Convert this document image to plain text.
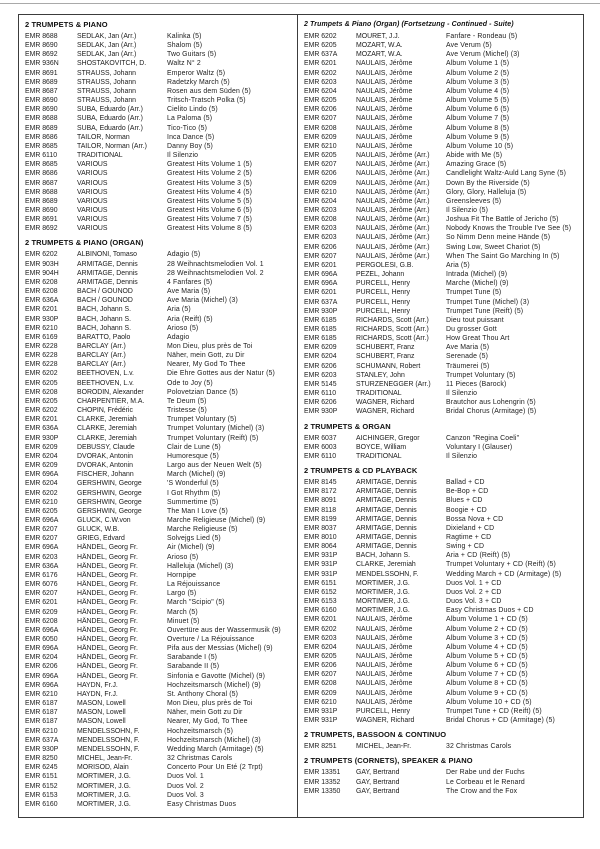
2 TRUMPETS & PIANO
EMR 8688	SEDLAK, Jan (Arr.)	Kalinka (5)
EMR 8690	SEDLAK, Jan (Arr.)	Shalom (5)
EMR 8692	SEDLAK, Jan (Arr.)	Two Guitars (5)
EMR 936N	SHOSTAKOVITCH, D.	Waltz N° 2
EMR 8691	STRAUSS, Johann	Emperor Waltz (5)
EMR 8689	STRAUSS, Johann	Radetzky March (5)
EMR 8687	STRAUSS, Johann	Rosen aus dem Süden (5)
EMR 8690	STRAUSS, Johann	Tritsch-Tratsch Polka (5)
EMR 8690	SUBA, Eduardo (Arr.)	Cielito Lindo (5)
EMR 8688	SUBA, Eduardo (Arr.)	La Paloma (5)
EMR 8689	SUBA, Eduardo (Arr.)	Tico-Tico (5)
EMR 8686	TAILOR, Norman	Inca Dance (5)
EMR 8685	TAILOR, Norman (Arr.)	Danny Boy (5)
EMR 6110	TRADITIONAL	Il Silenzio
EMR 8685	VARIOUS	Greatest Hits Volume 1 (5)
EMR 8686	VARIOUS	Greatest Hits Volume 2 (5)
EMR 8687	VARIOUS	Greatest Hits Volume 3 (5)
EMR 8688	VARIOUS	Greatest Hits Volume 4 (5)
EMR 8689	VARIOUS	Greatest Hits Volume 5 (5)
EMR 8690	VARIOUS	Greatest Hits Volume 6 (5)
EMR 8691	VARIOUS	Greatest Hits Volume 7 (5)
EMR 8692	VARIOUS	Greatest Hits Volume 8 (5)
2 TRUMPETS & PIANO (ORGAN)
EMR 6202	ALBINONI, Tomaso	Adagio (5)
EMR 903H	ARMITAGE, Dennis	28 Weihnachtsmelodien Vol. 1
EMR 904H	ARMITAGE, Dennis	28 Weihnachtsmelodien Vol. 2
EMR 6208	ARMITAGE, Dennis	4 Fanfares (5)
EMR 6208	BACH / GOUNOD	Ave Maria (5)
EMR 636A	BACH / GOUNOD	Ave Maria (Michel) (3)
EMR 6201	BACH, Johann S.	Aria (5)
EMR 930P	BACH, Johann S.	Aria (Reift) (5)
EMR 6210	BACH, Johann S.	Arioso (5)
EMR 6169	BARATTO, Paolo	Adagio
EMR 6228	BARCLAY (Arr.)	Mon Dieu, plus près de Toi
EMR 6228	BARCLAY (Arr.)	Näher, mein Gott, zu Dir
EMR 6228	BARCLAY (Arr.)	Nearer, My God To Thee
EMR 6202	BEETHOVEN, L.v.	Die Ehre Gottes aus der Natur (5)
EMR 6205	BEETHOVEN, L.v.	Ode to Joy (5)
EMR 6208	BORODIN, Alexander	Polovetzian Dance (5)
EMR 6205	CHARPENTIER, M.A.	Te Deum (5)
EMR 6202	CHOPIN, Frédéric	Tristesse (5)
EMR 6201	CLARKE, Jeremiah	Trumpet Voluntary (5)
EMR 636A	CLARKE, Jeremiah	Trumpet Voluntary (Michel) (3)
EMR 930P	CLARKE, Jeremiah	Trumpet Voluntary (Reift) (5)
EMR 6209	DEBUSSY, Claude	Clair de Lune (5)
EMR 6204	DVORAK, Antonin	Humoresque (5)
EMR 6209	DVORAK, Antonin	Largo aus der Neuen Welt (5)
EMR 696A	FISCHER, Johann	March (Michel) (9)
EMR 6204	GERSHWIN, George	'S Wonderful (5)
EMR 6202	GERSHWIN, George	I Got Rhythm (5)
EMR 6210	GERSHWIN, George	Summertime (5)
EMR 6205	GERSHWIN, George	The Man I Love (5)
EMR 696A	GLUCK, C.W.von	Marche Religieuse (Michel) (9)
EMR 6207	GLUCK, W.B.	Marche Religieuse (5)
EMR 6207	GRIEG, Edvard	Solvejgs Lied (5)
EMR 696A	HÄNDEL, Georg Fr.	Air (Michel) (9)
EMR 6203	HÄNDEL, Georg Fr.	Arioso (5)
EMR 636A	HÄNDEL, Georg Fr.	Halleluja (Michel) (3)
EMR 6176	HÄNDEL, Georg Fr.	Hornpipe
EMR 6076	HÄNDEL, Georg Fr.	La Réjouissance
EMR 6207	HÄNDEL, Georg Fr.	Largo (5)
EMR 6201	HÄNDEL, Georg Fr.	March "Scipio" (5)
EMR 6209	HÄNDEL, Georg Fr.	March (5)
EMR 6208	HÄNDEL, Georg Fr.	Minuet (5)
EMR 696A	HÄNDEL, Georg Fr.	Ouvertüre aus der Wassermusik (9)
EMR 6050	HÄNDEL, Georg Fr.	Overture / La Réjouissance
EMR 696A	HÄNDEL, Georg Fr.	Pifa aus der Messias (Michel) (9)
EMR 6204	HÄNDEL, Georg Fr.	Sarabande I (5)
EMR 6206	HÄNDEL, Georg Fr.	Sarabande II (5)
EMR 696A	HÄNDEL, Georg Fr.	Sinfonia e Gavotte (Michel) (9)
EMR 696A	HAYDN, Fr.J.	Hochzeitsmarsch (Michel) (9)
EMR 6210	HAYDN, Fr.J.	St. Anthony Choral (5)
EMR 6187	MASON, Lowell	Mon Dieu, plus près de Toi
EMR 6187	MASON, Lowell	Näher, mein Gott zu Dir
EMR 6187	MASON, Lowell	Nearer, My God, To Thee
EMR 6210	MENDELSSOHN, F.	Hochzeitsmarsch (5)
EMR 637A	MENDELSSOHN, F.	Hochzeitsmarsch (Michel) (3)
EMR 930P	MENDELSSOHN, F.	Wedding March (Armitage) (5)
EMR 8250	MICHEL, Jean-Fr.	32 Christmas Carols
EMR 6245	MORISOD, Alain	Concerto Pour Un Eté (2 Trpt)
EMR 6151	MORTIMER, J.G.	Duos Vol. 1
EMR 6152	MORTIMER, J.G.	Duos Vol. 2
EMR 6153	MORTIMER, J.G.	Duos Vol. 3
EMR 6160	MORTIMER, J.G.	Easy Christmas Duos
2 Trumpets & Piano (Organ) (Fortsetzung - Continued - Suite)
EMR 6202	MOURET, J.J.	Fanfare - Rondeau (5)
EMR 6205	MOZART, W.A.	Ave Verum (5)
EMR 637A	MOZART, W.A.	Ave Verum (Michel) (3)
EMR 6201	NAULAIS, Jérôme	Album Volume 1 (5)
EMR 6202	NAULAIS, Jérôme	Album Volume 2 (5)
EMR 6203	NAULAIS, Jérôme	Album Volume 3 (5)
EMR 6204	NAULAIS, Jérôme	Album Volume 4 (5)
EMR 6205	NAULAIS, Jérôme	Album Volume 5 (5)
EMR 6206	NAULAIS, Jérôme	Album Volume 6 (5)
EMR 6207	NAULAIS, Jérôme	Album Volume 7 (5)
EMR 6208	NAULAIS, Jérôme	Album Volume 8 (5)
EMR 6209	NAULAIS, Jérôme	Album Volume 9 (5)
EMR 6210	NAULAIS, Jérôme	Album Volume 10 (5)
EMR 6205	NAULAIS, Jérôme (Arr.)	Abide with Me (5)
EMR 6207	NAULAIS, Jérôme (Arr.)	Amazing Grace (5)
EMR 6206	NAULAIS, Jérôme (Arr.)	Candlelight Waltz-Auld Lang Syne (5)
EMR 6209	NAULAIS, Jérôme (Arr.)	Down By the Riverside (5)
EMR 6210	NAULAIS, Jérôme (Arr.)	Glory, Glory, Halleluja (5)
EMR 6204	NAULAIS, Jérôme (Arr.)	Greensleeves (5)
EMR 6203	NAULAIS, Jérôme (Arr.)	Il Silenzio (5)
EMR 6208	NAULAIS, Jérôme (Arr.)	Joshua Fit The Battle of Jericho (5)
EMR 6203	NAULAIS, Jérôme (Arr.)	Nobody Knows the Trouble I've See (5)
EMR 6203	NAULAIS, Jérôme (Arr.)	So Nimm Denn meine Hände (5)
EMR 6206	NAULAIS, Jérôme (Arr.)	Swing Low, Sweet Chariot (5)
EMR 6207	NAULAIS, Jérôme (Arr.)	When The Saint Go Marching In (5)
EMR 6201	PERGOLESI, G.B.	Aria (5)
EMR 696A	PEZEL, Johann	Intrada (Michel) (9)
EMR 696A	PURCELL, Henry	Marche (Michel) (9)
EMR 6201	PURCELL, Henry	Trumpet Tune (5)
EMR 637A	PURCELL, Henry	Trumpet Tune (Michel) (3)
EMR 930P	PURCELL, Henry	Trumpet Tune (Reift) (5)
EMR 6185	RICHARDS, Scott (Arr.)	Dieu tout puissant
EMR 6185	RICHARDS, Scott (Arr.)	Du grosser Gott
EMR 6185	RICHARDS, Scott (Arr.)	How Great Thou Art
EMR 6209	SCHUBERT, Franz	Ave Maria (5)
EMR 6204	SCHUBERT, Franz	Serenade (5)
EMR 6206	SCHUMANN, Robert	Träumerei (5)
EMR 6203	STANLEY, John	Trumpet Voluntary (5)
EMR 5145	STURZENEGGER (Arr.)	11 Pieces (Barock)
EMR 6110	TRADITIONAL	Il Silenzio
EMR 6206	WAGNER, Richard	Brautchor aus Lohengrin (5)
EMR 930P	WAGNER, Richard	Bridal Chorus (Armitage) (5)
2 TRUMPETS & ORGAN
EMR 6037	AICHINGER, Gregor	Canzon "Regina Coeli"
EMR 6003	BOYCE, William	Voluntary I (Glauser)
EMR 6110	TRADITIONAL	Il Silenzio
2 TRUMPETS & CD PLAYBACK
EMR 8145	ARMITAGE, Dennis	Ballad + CD
EMR 8172	ARMITAGE, Dennis	Be-Bop + CD
EMR 8091	ARMITAGE, Dennis	Blues + CD
EMR 8118	ARMITAGE, Dennis	Boogie + CD
EMR 8199	ARMITAGE, Dennis	Bossa Nova + CD
EMR 8037	ARMITAGE, Dennis	Dixieland + CD
EMR 8010	ARMITAGE, Dennis	Ragtime + CD
EMR 8064	ARMITAGE, Dennis	Swing + CD
EMR 931P	BACH, Johann S.	Aria + CD (Reift) (5)
EMR 931P	CLARKE, Jeremiah	Trumpet Voluntary + CD (Reift) (5)
EMR 931P	MENDELSSOHN, F.	Wedding March + CD (Armitage) (5)
EMR 6151	MORTIMER, J.G.	Duos Vol. 1 + CD
EMR 6152	MORTIMER, J.G.	Duos Vol. 2 + CD
EMR 6153	MORTIMER, J.G.	Duos Vol. 3 + CD
EMR 6160	MORTIMER, J.G.	Easy Christmas Duos + CD
EMR 6201	NAULAIS, Jérôme	Album Volume 1 + CD (5)
EMR 6202	NAULAIS, Jérôme	Album Volume 2 + CD (5)
EMR 6203	NAULAIS, Jérôme	Album Volume 3 + CD (5)
EMR 6204	NAULAIS, Jérôme	Album Volume 4 + CD (5)
EMR 6205	NAULAIS, Jérôme	Album Volume 5 + CD (5)
EMR 6206	NAULAIS, Jérôme	Album Volume 6 + CD (5)
EMR 6207	NAULAIS, Jérôme	Album Volume 7 + CD (5)
EMR 6208	NAULAIS, Jérôme	Album Volume 8 + CD (5)
EMR 6209	NAULAIS, Jérôme	Album Volume 9 + CD (5)
EMR 6210	NAULAIS, Jérôme	Album Volume 10 + CD (5)
EMR 931P	PURCELL, Henry	Trumpet Tune + CD (Reift) (5)
EMR 931P	WAGNER, Richard	Bridal Chorus + CD (Armitage) (5)
2 TRUMPETS, BASSOON & CONTINUO
EMR 8251	MICHEL, Jean-Fr.	32 Christmas Carols
2 TRUMPETS (CORNETS), SPEAKER & PIANO
EMR 13351	GAY, Bertrand	Der Rabe und der Fuchs
EMR 13352	GAY, Bertrand	Le Corbeau et le Renard
EMR 13350	GAY, Bertrand	The Crow and the Fox
